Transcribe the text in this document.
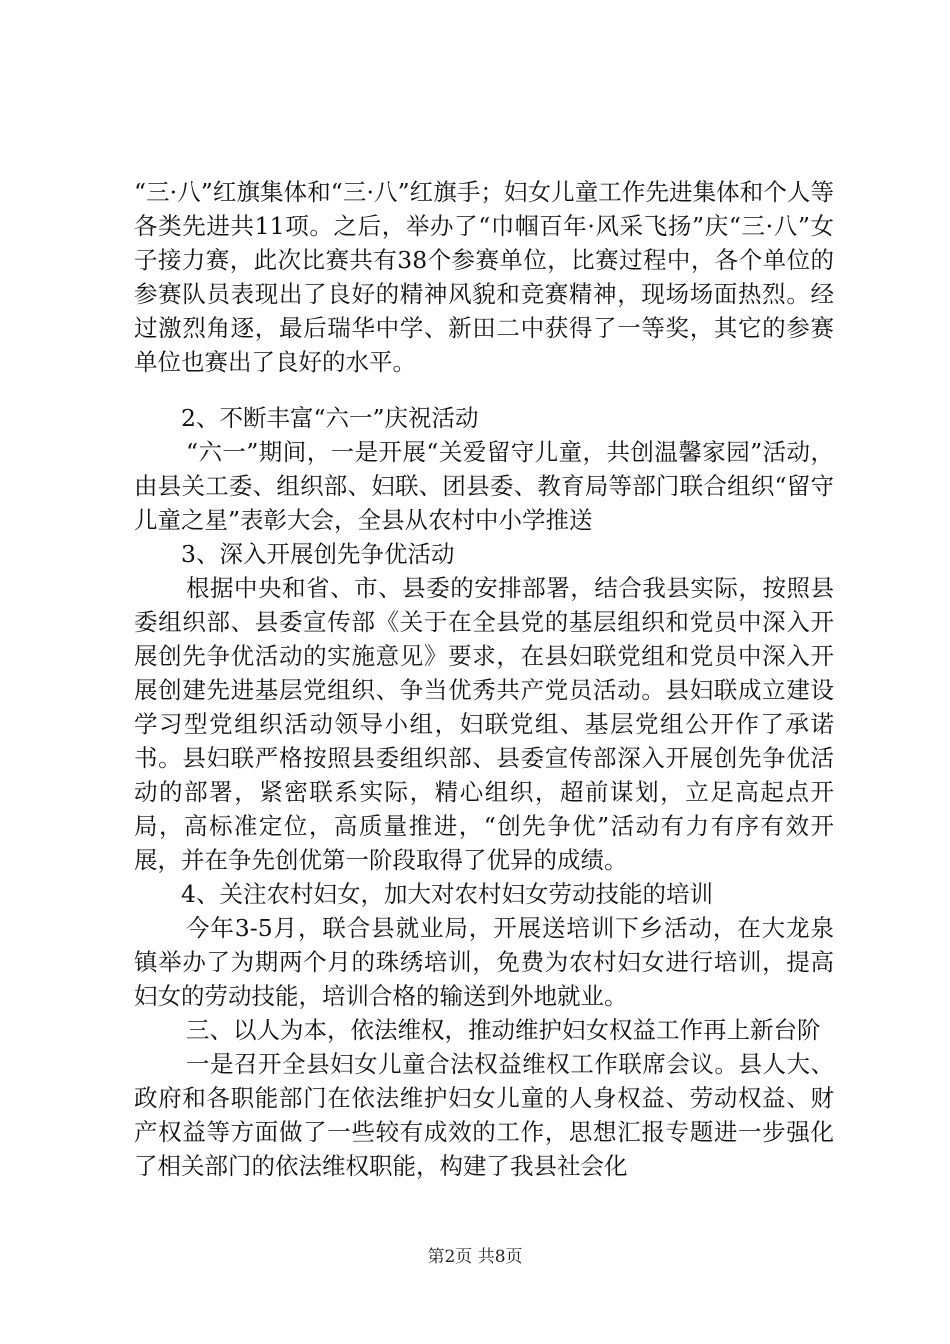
“三·八”红旗集体和“三·八”红旗手；妇女儿童工作先进集体和个人等各类先进共11项。之后，举办了“巾帼百年·风采飞扬”庆“三·八”女子接力赛，此次比赛共有38个参赛单位，比赛过程中，各个单位的参赛队员表现出了良好的精神风貌和竞赛精神，现场场面热烈。经过激烈角逐，最后瑞华中学、新田二中获得了一等奖，其它的参赛单位也赛出了良好的水平。

2、不断丰富“六一”庆祝活动

“六一”期间，一是开展“关爱留守儿童，共创温馨家园”活动，由县关工委、组织部、妇联、团县委、教育局等部门联合组织“留守儿童之星”表彰大会，全县从农村中小学推送

3、深入开展创先争优活动

根据中央和省、市、县委的安排部署，结合我县实际，按照县委组织部、县委宣传部《关于在全县党的基层组织和党员中深入开展创先争优活动的实施意见》要求，在县妇联党组和党员中深入开展创建先进基层党组织、争当优秀共产党员活动。县妇联成立建设学习型党组织活动领导小组，妇联党组、基层党组公开作了承诺书。县妇联严格按照县委组织部、县委宣传部深入开展创先争优活动的部署，紧密联系实际，精心组织，超前谋划，立足高起点开局，高标准定位，高质量推进，“创先争优”活动有力有序有效开展，并在争先创优第一阶段取得了优异的成绩。

4、关注农村妇女，加大对农村妇女劳动技能的培训

今年3-5月，联合县就业局，开展送培训下乡活动，在大龙泉镇举办了为期两个月的珠绣培训，免费为农村妇女进行培训，提高妇女的劳动技能，培训合格的输送到外地就业。

三、以人为本，依法维权，推动维护妇女权益工作再上新台阶

一是召开全县妇女儿童合法权益维权工作联席会议。县人大、政府和各职能部门在依法维护妇女儿童的人身权益、劳动权益、财产权益等方面做了一些较有成效的工作，思想汇报专题进一步强化了相关部门的依法维权职能，构建了我县社会化

第2页 共8页
